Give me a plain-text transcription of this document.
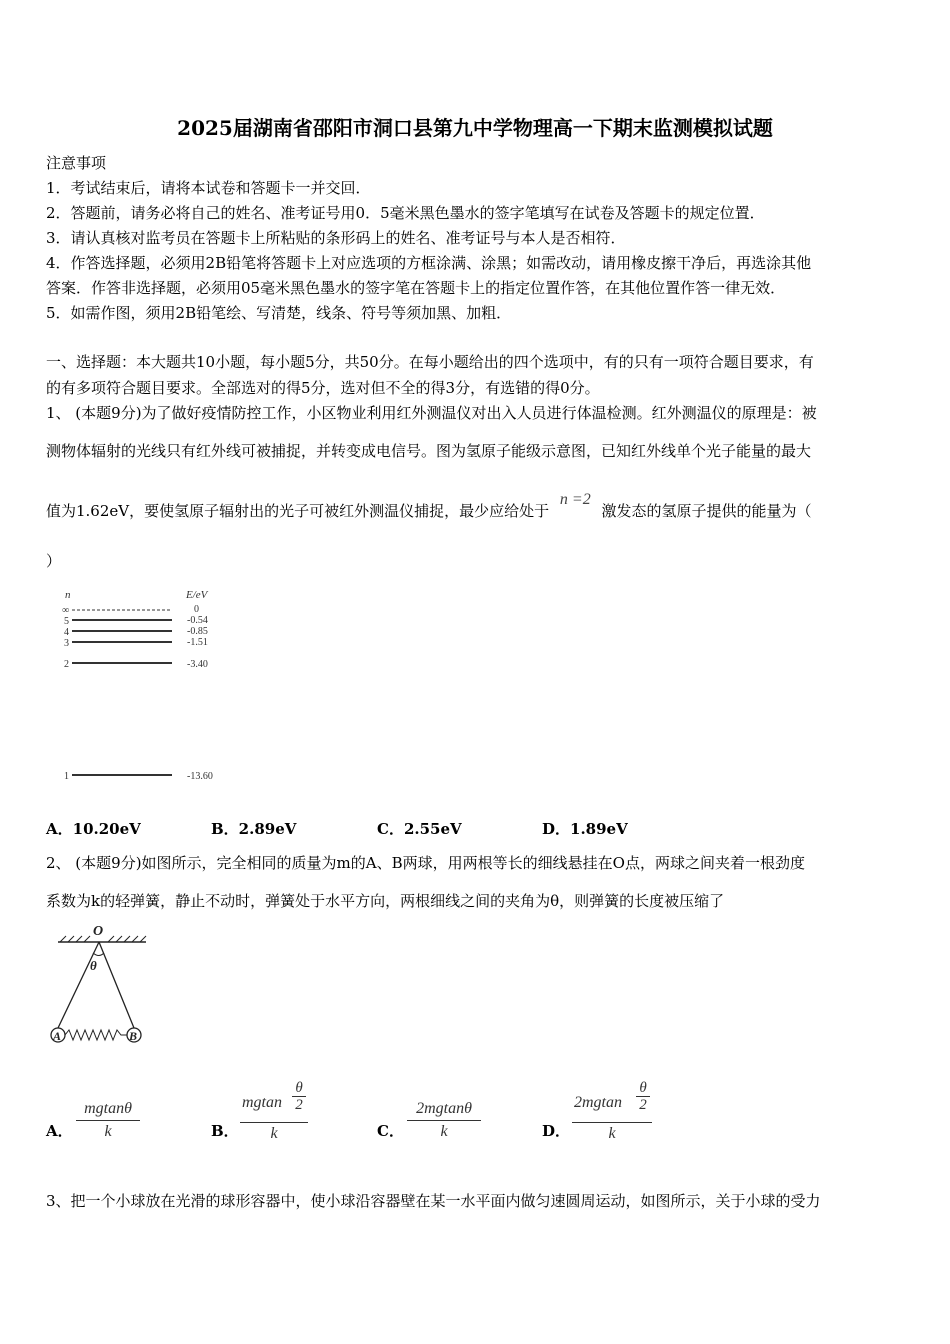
2025届湖南省邵阳市洞口县第九中学物理高一下期末监测模拟试题
注意事项
1．考试结束后，请将本试卷和答题卡一并交回．
2．答题前，请务必将自己的姓名、准考证号用0．5毫米黑色墨水的签字笔填写在试卷及答题卡的规定位置．
3．请认真核对监考员在答题卡上所粘贴的条形码上的姓名、准考证号与本人是否相符．
4．作答选择题，必须用2B铅笔将答题卡上对应选项的方框涂满、涂黑；如需改动，请用橡皮擦干净后，再选涂其他
答案．作答非选择题，必须用05毫米黑色墨水的签字笔在答题卡上的指定位置作答，在其他位置作答一律无效．
5．如需作图，须用2B铅笔绘、写清楚，线条、符号等须加黑、加粗．
一、选择题：本大题共10小题，每小题5分，共50分。在每小题给出的四个选项中，有的只有一项符合题目要求，有
的有多项符合题目要求。全部选对的得5分，选对但不全的得3分，有选错的得0分。
1、 (本题9分)为了做好疫情防控工作，小区物业利用红外测温仪对出入人员进行体温检测。红外测温仪的原理是：被
测物体辐射的光线只有红外线可被捕捉，并转变成电信号。图为氢原子能级示意图，已知红外线单个光子能量的最大
值为1.62eV，要使氢原子辐射出的光子可被红外测温仪捕捉，最少应给处于 n =2 激发态的氢原子提供的能量为（
）
n	E/eV
∞
5
4
3
2
1
0
-0.54
-0.85
-1.51
-3.40
-13.60
A．10.20eV	B．2.89eV	C．2.55eV	D．1.89eV
2、 (本题9分)如图所示，完全相同的质量为m的A、B两球，用两根等长的细线悬挂在O点，两球之间夹着一根劲度
系数为k的轻弹簧，静止不动时，弹簧处于水平方向，两根细线之间的夹角为θ，则弹簧的长度被压缩了
O
θ
A	B
A．
mgtanθ
k	B．
mgtan
θ
2
k	C．
2mgtanθ
k	D．
2mgtan
θ
2
k
3、把一个小球放在光滑的球形容器中，使小球沿容器壁在某一水平面内做匀速圆周运动，如图所示，关于小球的受力
